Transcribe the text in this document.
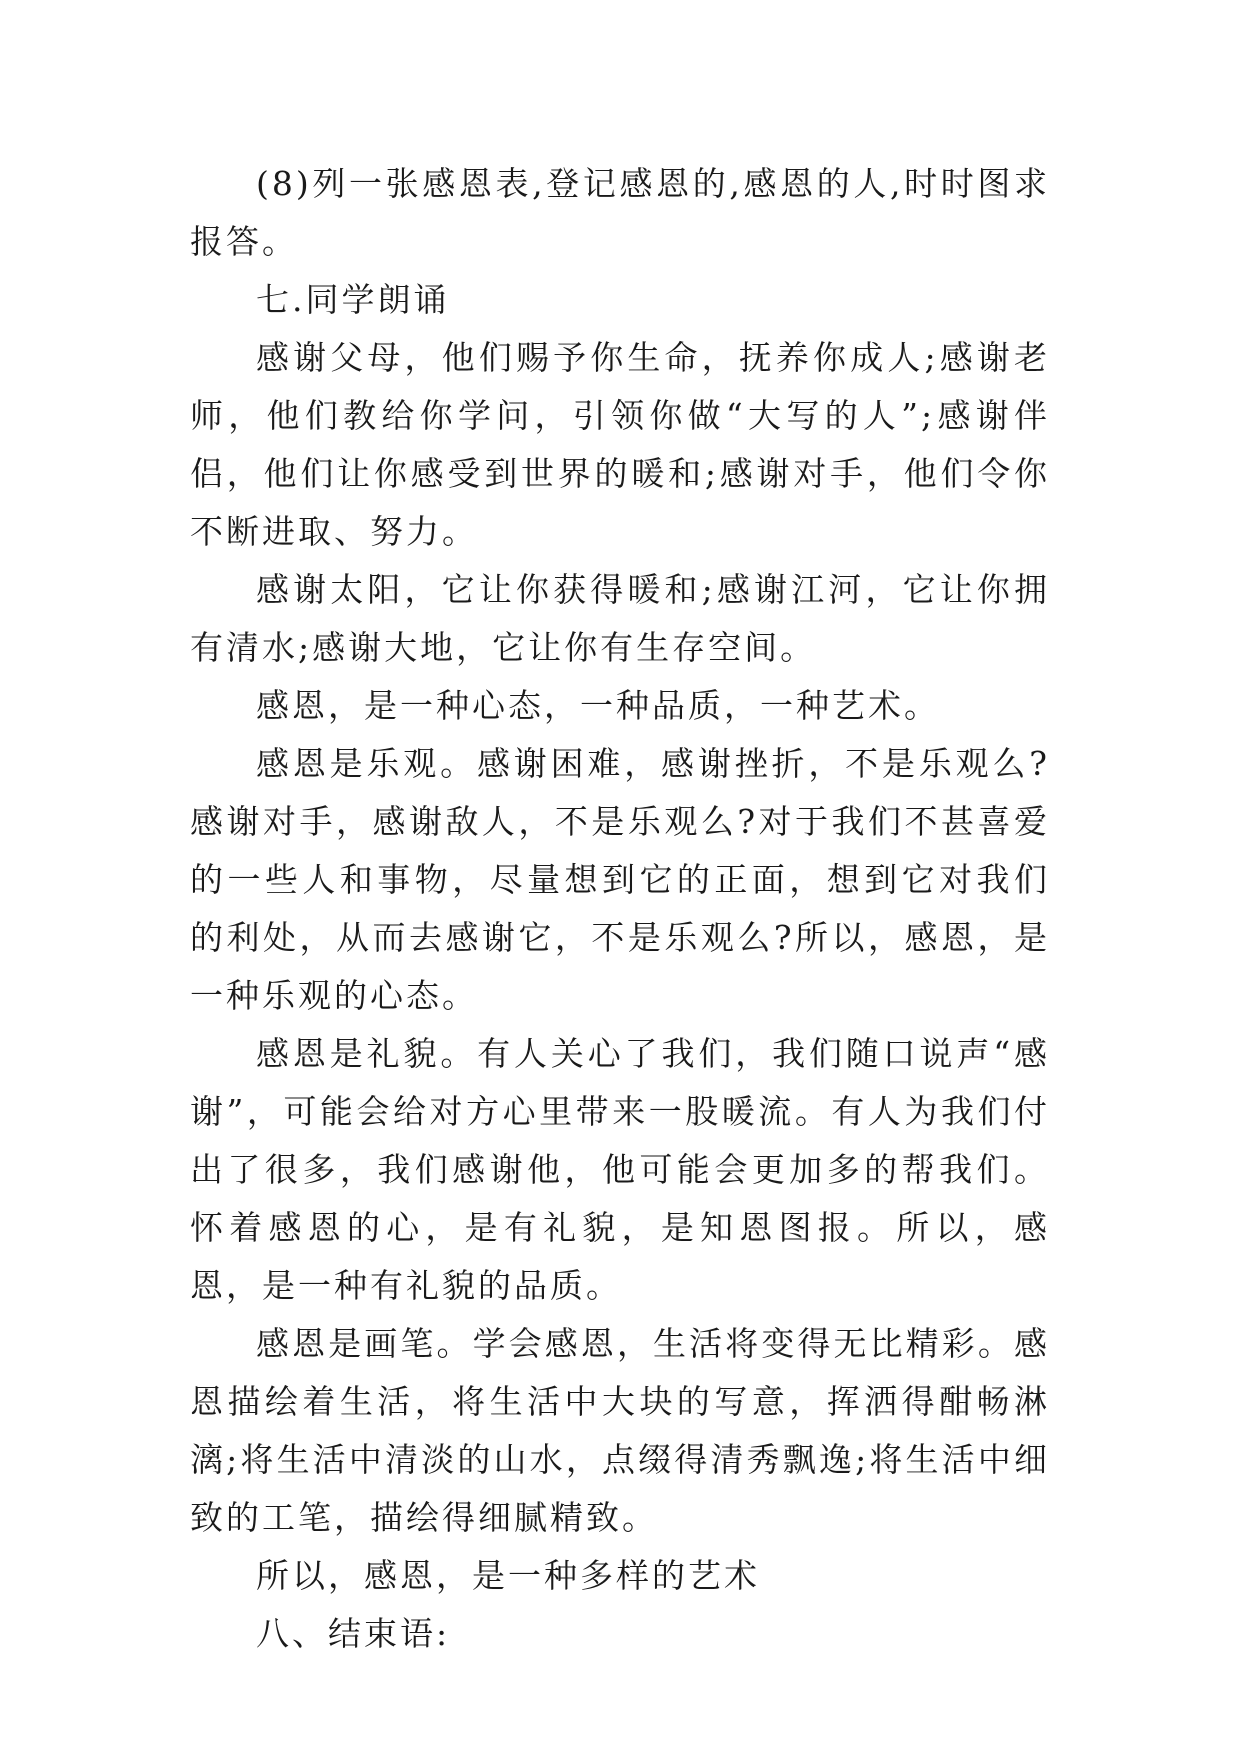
(8)列一张感恩表,登记感恩的,感恩的人,时时图求报答。

七.同学朗诵

感谢父母，他们赐予你生命，抚养你成人;感谢老师，他们教给你学问，引领你做“大写的人”;感谢伴侣，他们让你感受到世界的暖和;感谢对手，他们令你不断进取、努力。

感谢太阳，它让你获得暖和;感谢江河，它让你拥有清水;感谢大地，它让你有生存空间。

感恩，是一种心态，一种品质，一种艺术。

感恩是乐观。感谢困难，感谢挫折，不是乐观么?感谢对手，感谢敌人，不是乐观么?对于我们不甚喜爱的一些人和事物，尽量想到它的正面，想到它对我们的利处，从而去感谢它，不是乐观么?所以，感恩，是一种乐观的心态。

感恩是礼貌。有人关心了我们，我们随口说声“感谢”，可能会给对方心里带来一股暖流。有人为我们付出了很多，我们感谢他，他可能会更加多的帮我们。怀着感恩的心，是有礼貌，是知恩图报。所以，感恩，是一种有礼貌的品质。

感恩是画笔。学会感恩，生活将变得无比精彩。感恩描绘着生活，将生活中大块的写意，挥洒得酣畅淋漓;将生活中清淡的山水，点缀得清秀飘逸;将生活中细致的工笔，描绘得细腻精致。

所以，感恩，是一种多样的艺术

八、结束语:
